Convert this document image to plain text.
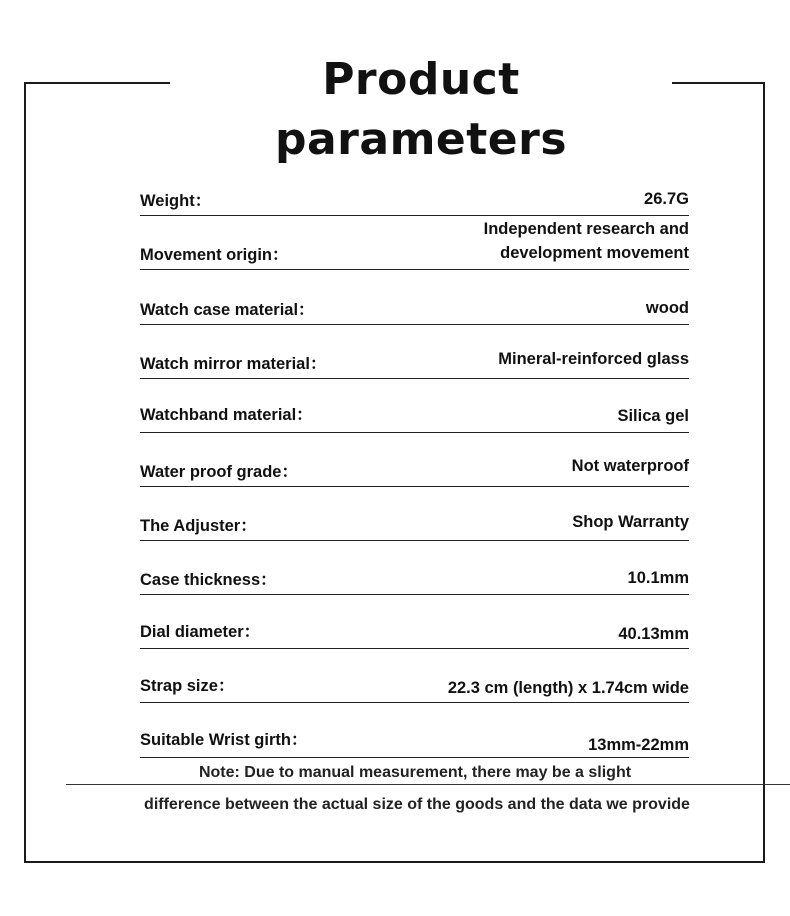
Product parameters
Weight：	26.7G
Movement origin：
Independent research and development movement
Watch case material：	wood
Watch mirror material：	Mineral-reinforced glass
Watchband material：	Silica gel
Water proof grade：	Not waterproof
The Adjuster：	Shop Warranty
Case thickness：	10.1mm
Dial diameter：	40.13mm
Strap size：	22.3 cm (length) x 1.74cm wide
Suitable Wrist girth：	13mm-22mm
Note: Due to manual measurement, there may be a slight
difference between the actual size of the goods and the data we provide
